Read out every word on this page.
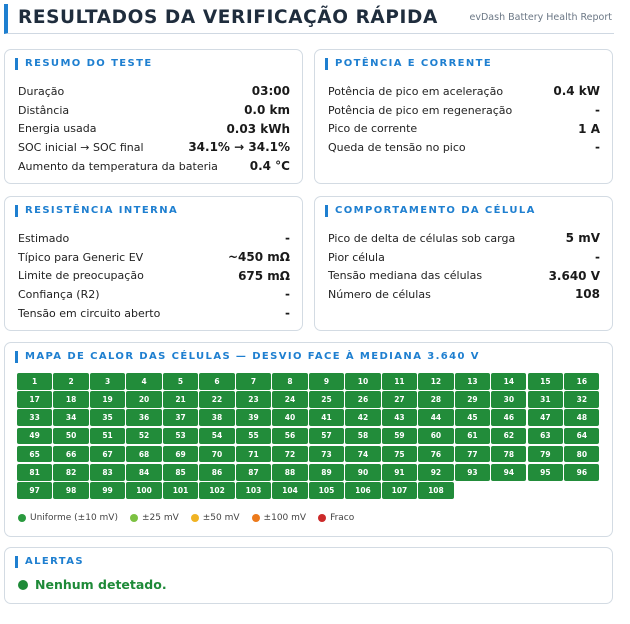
RESULTADOS DA VERIFICAÇÃO RÁPIDA	evDash Battery Health Report
RESUMO DO TESTE
Duração	03:00
Distância	0.0 km
Energia usada	0.03 kWh
SOC inicial → SOC final	34.1% → 34.1%
Aumento da temperatura da bateria	0.4 °C
POTÊNCIA E CORRENTE
Potência de pico em aceleração	0.4 kW
Potência de pico em regeneração	-
Pico de corrente	1 A
Queda de tensão no pico	-
RESISTÊNCIA INTERNA
Estimado	-
Típico para Generic EV	~450 mΩ
Limite de preocupação	675 mΩ
Confiança (R2)	-
Tensão em circuito aberto	-
COMPORTAMENTO DA CÉLULA
Pico de delta de células sob carga	5 mV
Pior célula	-
Tensão mediana das células	3.640 V
Número de células	108
MAPA DE CALOR DAS CÉLULAS — DESVIO FACE À MEDIANA 3.640 V
1	2	3	4	5	6	7	8	9	10	11	12	13	14	15	16
17	18	19	20	21	22	23	24	25	26	27	28	29	30	31	32
33	34	35	36	37	38	39	40	41	42	43	44	45	46	47	48
49	50	51	52	53	54	55	56	57	58	59	60	61	62	63	64
65	66	67	68	69	70	71	72	73	74	75	76	77	78	79	80
81	82	83	84	85	86	87	88	89	90	91	92	93	94	95	96
97	98	99	100	101	102	103	104	105	106	107	108
Uniforme (±10 mV)	±25 mV	±50 mV	±100 mV	Fraco
ALERTAS
Nenhum detetado.
